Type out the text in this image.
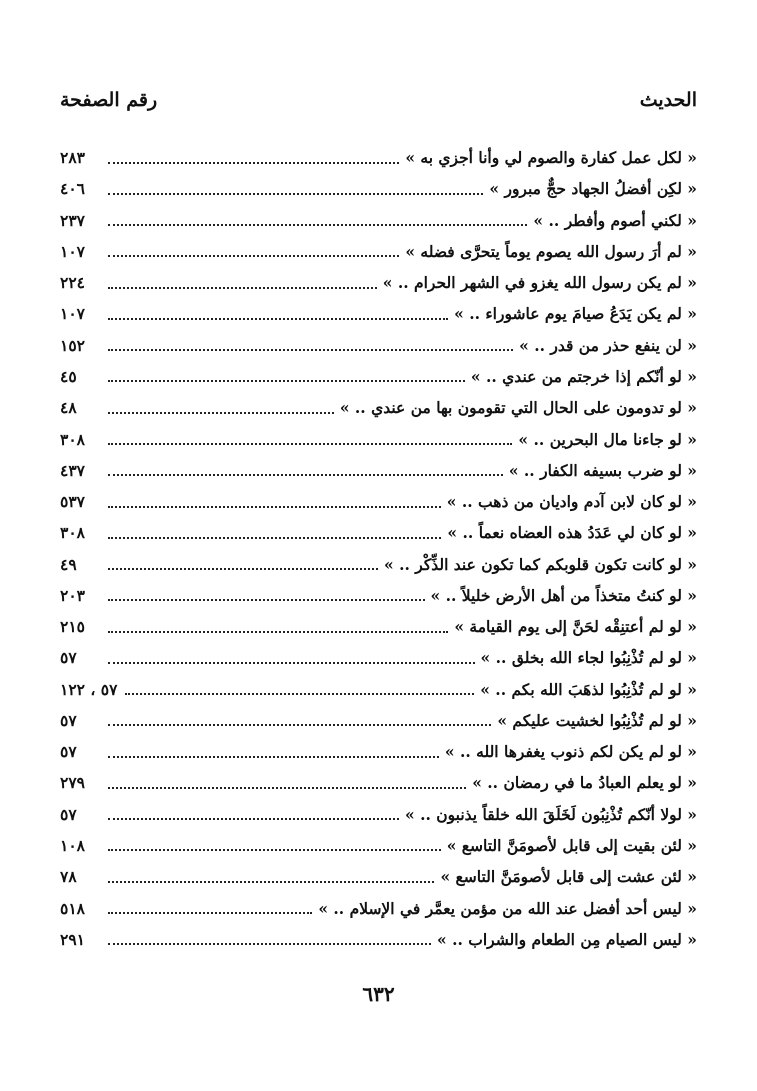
الحديث
رقم الصفحة
« لكل عمل كفارة والصوم لي وأنا أجزي به »
٢٨٣
« لكِن أفضلُ الجهاد حجٌّ مبرور »
٤٠٦
« لكني أصوم وأفطر .. »
٢٣٧
« لم أرَ رسول الله يصوم يوماً يتحرَّى فضله »
١٠٧
« لم يكن رسول الله يغزو في الشهر الحرام .. »
٢٢٤
« لم يكن يَدَعُ صيامَ يوم عاشوراء .. »
١٠٧
« لن ينفع حذر من قدر .. »
١٥٢
« لو أنّكم إذا خرجتم من عندي .. »
٤٥
« لو تدومون على الحال التي تقومون بها من عندي .. »
٤٨
« لو جاءنا مال البحرين .. »
٣٠٨
« لو ضرب بسيفه الكفار .. »
٤٣٧
« لو كان لابن آدم واديان من ذهب .. »
٥٣٧
« لو كان لي عَدَدُ هذه العضاه نعماً .. »
٣٠٨
« لو كانت تكون قلوبكم كما تكون عند الذِّكْر .. »
٤٩
« لو كنتُ متخذاً من أهل الأرض خليلاً .. »
٢٠٣
« لو لم أعتنِقْه لحَنَّ إلى يوم القيامة »
٢١٥
« لو لم تُذْنِبُوا لجاء الله بخلق .. »
٥٧
« لو لم تُذْنِبُوا لذهَبَ الله بكم .. »
٥٧ ، ١٢٢
« لو لم تُذْنِبُوا لخشيت عليكم »
٥٧
« لو لم يكن لكم ذنوب يغفرها الله .. »
٥٧
« لو يعلم العبادُ ما في رمضان .. »
٢٧٩
« لولا أنّكم تُذْنِبُون لَخَلَقَ الله خلقاً يذنبون .. »
٥٧
« لئن بقيت إلى قابل لأصومَنَّ التاسع »
١٠٨
« لئن عشت إلى قابل لأصومَنَّ التاسع »
٧٨
« ليس أحد أفضل عند الله من مؤمن يعمَّر في الإسلام .. »
٥١٨
« ليس الصيام مِن الطعام والشراب .. »
٢٩١
٦٣٢
